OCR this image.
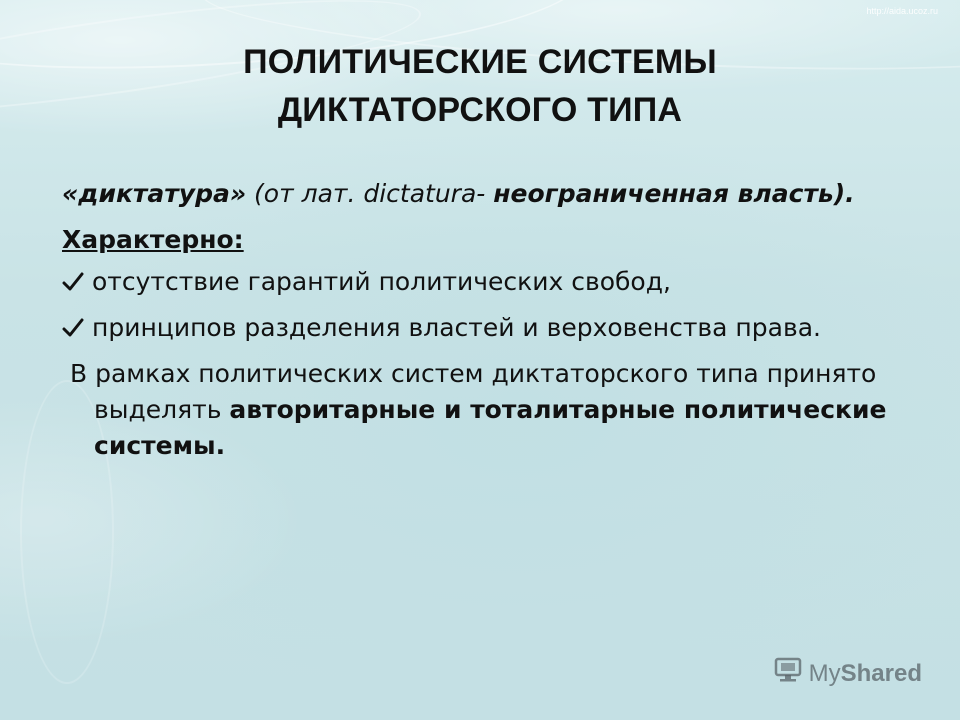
http://aida.ucoz.ru
ПОЛИТИЧЕСКИЕ СИСТЕМЫ
ДИКТАТОРСКОГО ТИПА

«диктатура» (от лат. dictatura- неограниченная власть).

Характерно:

отсутствие гарантий политических свобод,
принципов разделения властей и верховенства права.

В рамках политических систем диктаторского типа принято выделять авторитарные и тоталитарные политические системы.

MyShared
